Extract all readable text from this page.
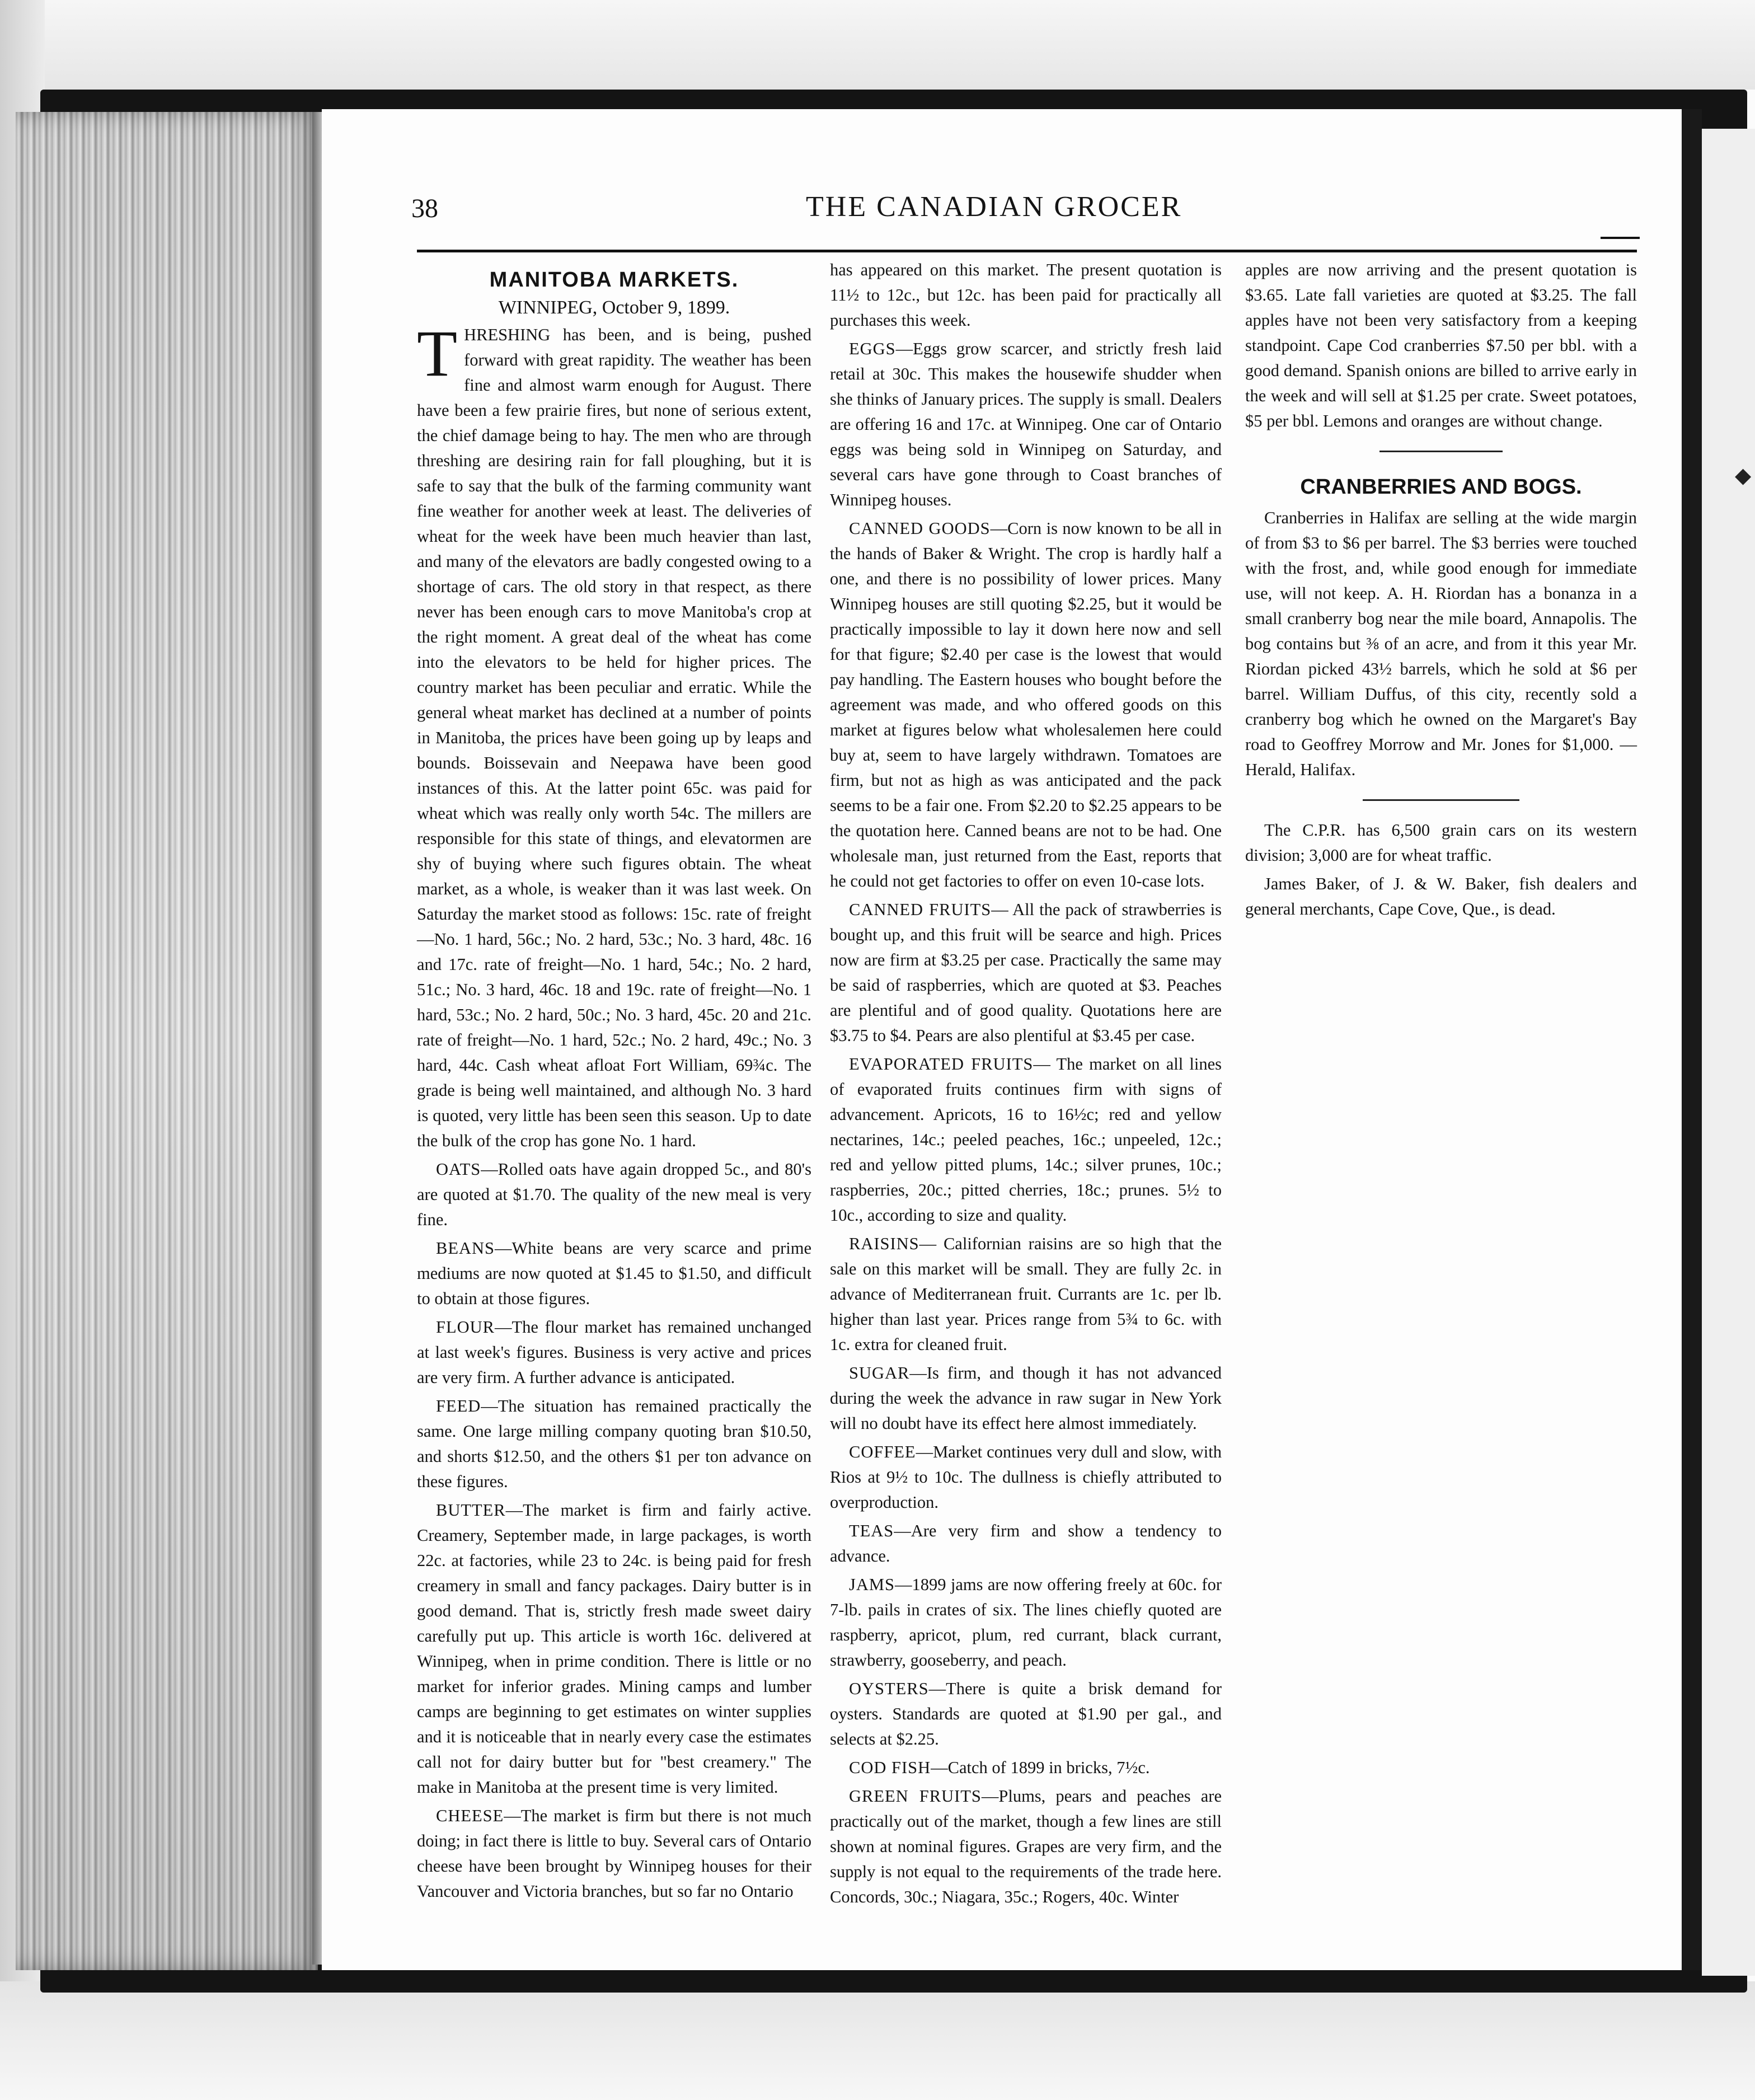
◆
38	THE CANADIAN GROCER
MANITOBA MARKETS.
WINNIPEG, October 9, 1899.

THRESHING has been, and is being, pushed forward with great rapidity. The weather has been fine and almost warm enough for August. There have been a few prairie fires, but none of serious extent, the chief damage being to hay. The men who are through threshing are desiring rain for fall ploughing, but it is safe to say that the bulk of the farming community want fine weather for another week at least. The deliveries of wheat for the week have been much heavier than last, and many of the elevators are badly congested owing to a shortage of cars. The old story in that respect, as there never has been enough cars to move Manitoba's crop at the right moment. A great deal of the wheat has come into the elevators to be held for higher prices. The country market has been peculiar and erratic. While the general wheat market has declined at a number of points in Manitoba, the prices have been going up by leaps and bounds. Boissevain and Neepawa have been good instances of this. At the latter point 65c. was paid for wheat which was really only worth 54c. The millers are responsible for this state of things, and elevatormen are shy of buying where such figures obtain. The wheat market, as a whole, is weaker than it was last week. On Saturday the market stood as follows: 15c. rate of freight—No. 1 hard, 56c.; No. 2 hard, 53c.; No. 3 hard, 48c. 16 and 17c. rate of freight—No. 1 hard, 54c.; No. 2 hard, 51c.; No. 3 hard, 46c. 18 and 19c. rate of freight—No. 1 hard, 53c.; No. 2 hard, 50c.; No. 3 hard, 45c. 20 and 21c. rate of freight—No. 1 hard, 52c.; No. 2 hard, 49c.; No. 3 hard, 44c. Cash wheat afloat Fort William, 69¾c. The grade is being well maintained, and although No. 3 hard is quoted, very little has been seen this season. Up to date the bulk of the crop has gone No. 1 hard.

OATS—Rolled oats have again dropped 5c., and 80's are quoted at $1.70. The quality of the new meal is very fine.

BEANS—White beans are very scarce and prime mediums are now quoted at $1.45 to $1.50, and difficult to obtain at those figures.

FLOUR—The flour market has remained unchanged at last week's figures. Business is very active and prices are very firm. A further advance is anticipated.

FEED—The situation has remained practically the same. One large milling company quoting bran $10.50, and shorts $12.50, and the others $1 per ton advance on these figures.

BUTTER—The market is firm and fairly active. Creamery, September made, in large packages, is worth 22c. at factories, while 23 to 24c. is being paid for fresh creamery in small and fancy packages. Dairy butter is in good demand. That is, strictly fresh made sweet dairy carefully put up. This article is worth 16c. delivered at Winnipeg, when in prime condition. There is little or no market for inferior grades. Mining camps and lumber camps are beginning to get estimates on winter supplies and it is noticeable that in nearly every case the estimates call not for dairy butter but for "best creamery." The make in Manitoba at the present time is very limited.

CHEESE—The market is firm but there is not much doing; in fact there is little to buy. Several cars of Ontario cheese have been brought by Winnipeg houses for their Vancouver and Victoria branches, but so far no Ontario

has appeared on this market. The present quotation is 11½ to 12c., but 12c. has been paid for practically all purchases this week.

EGGS—Eggs grow scarcer, and strictly fresh laid retail at 30c. This makes the housewife shudder when she thinks of January prices. The supply is small. Dealers are offering 16 and 17c. at Winnipeg. One car of Ontario eggs was being sold in Winnipeg on Saturday, and several cars have gone through to Coast branches of Winnipeg houses.

CANNED GOODS—Corn is now known to be all in the hands of Baker & Wright. The crop is hardly half a one, and there is no possibility of lower prices. Many Winnipeg houses are still quoting $2.25, but it would be practically impossible to lay it down here now and sell for that figure; $2.40 per case is the lowest that would pay handling. The Eastern houses who bought before the agreement was made, and who offered goods on this market at figures below what wholesalemen here could buy at, seem to have largely withdrawn. Tomatoes are firm, but not as high as was anticipated and the pack seems to be a fair one. From $2.20 to $2.25 appears to be the quotation here. Canned beans are not to be had. One wholesale man, just returned from the East, reports that he could not get factories to offer on even 10-case lots.

CANNED FRUITS— All the pack of strawberries is bought up, and this fruit will be searce and high. Prices now are firm at $3.25 per case. Practically the same may be said of raspberries, which are quoted at $3. Peaches are plentiful and of good quality. Quotations here are $3.75 to $4. Pears are also plentiful at $3.45 per case.

EVAPORATED FRUITS— The market on all lines of evaporated fruits continues firm with signs of advancement. Apricots, 16 to 16½c; red and yellow nectarines, 14c.; peeled peaches, 16c.; unpeeled, 12c.; red and yellow pitted plums, 14c.; silver prunes, 10c.; raspberries, 20c.; pitted cherries, 18c.; prunes. 5½ to 10c., according to size and quality.

RAISINS— Californian raisins are so high that the sale on this market will be small. They are fully 2c. in advance of Mediterranean fruit. Currants are 1c. per lb. higher than last year. Prices range from 5¾ to 6c. with 1c. extra for cleaned fruit.

SUGAR—Is firm, and though it has not advanced during the week the advance in raw sugar in New York will no doubt have its effect here almost immediately.

COFFEE—Market continues very dull and slow, with Rios at 9½ to 10c. The dullness is chiefly attributed to overproduction.

TEAS—Are very firm and show a tendency to advance.

JAMS—1899 jams are now offering freely at 60c. for 7-lb. pails in crates of six. The lines chiefly quoted are raspberry, apricot, plum, red currant, black currant, strawberry, gooseberry, and peach.

OYSTERS—There is quite a brisk demand for oysters. Standards are quoted at $1.90 per gal., and selects at $2.25.

COD FISH—Catch of 1899 in bricks, 7½c.

GREEN FRUITS—Plums, pears and peaches are practically out of the market, though a few lines are still shown at nominal figures. Grapes are very firm, and the supply is not equal to the requirements of the trade here. Concords, 30c.; Niagara, 35c.; Rogers, 40c. Winter

apples are now arriving and the present quotation is $3.65. Late fall varieties are quoted at $3.25. The fall apples have not been very satisfactory from a keeping standpoint. Cape Cod cranberries $7.50 per bbl. with a good demand. Spanish onions are billed to arrive early in the week and will sell at $1.25 per crate. Sweet potatoes, $5 per bbl. Lemons and oranges are without change.

CRANBERRIES AND BOGS.

Cranberries in Halifax are selling at the wide margin of from $3 to $6 per barrel. The $3 berries were touched with the frost, and, while good enough for immediate use, will not keep. A. H. Riordan has a bonanza in a small cranberry bog near the mile board, Annapolis. The bog contains but ⅜ of an acre, and from it this year Mr. Riordan picked 43½ barrels, which he sold at $6 per barrel. William Duffus, of this city, recently sold a cranberry bog which he owned on the Margaret's Bay road to Geoffrey Morrow and Mr. Jones for $1,000. —Herald, Halifax.

The C.P.R. has 6,500 grain cars on its western division; 3,000 are for wheat traffic.

James Baker, of J. & W. Baker, fish dealers and general merchants, Cape Cove, Que., is dead.
